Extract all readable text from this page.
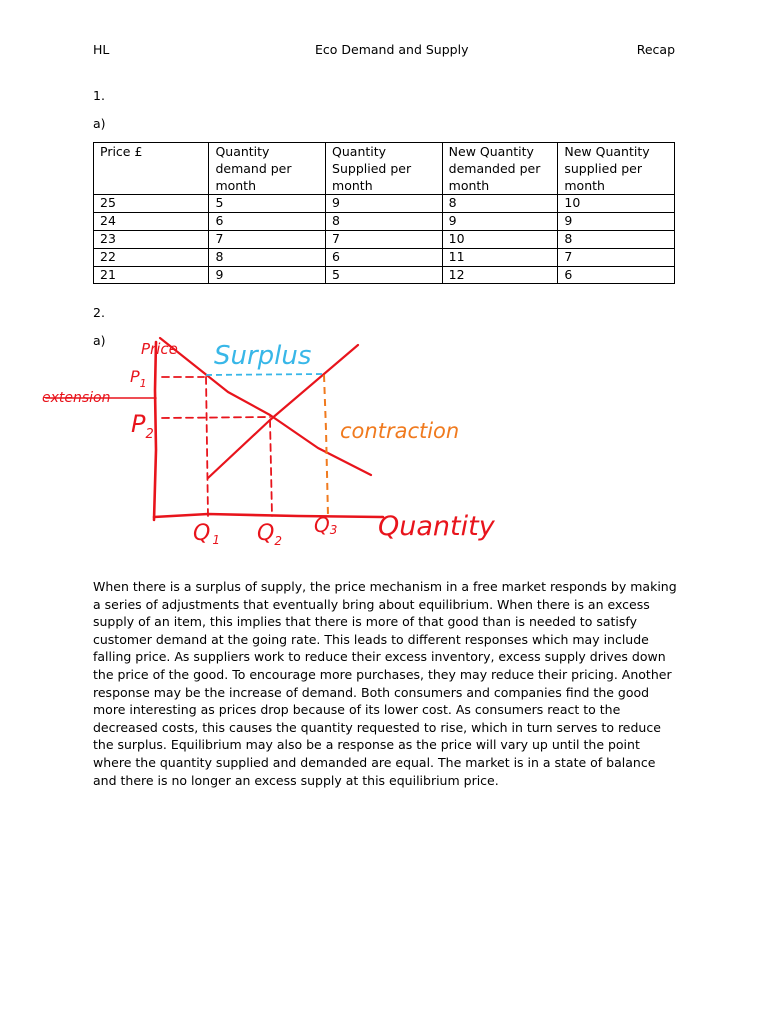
HL	Eco Demand and Supply	Recap
1.
a)
Price £	Quantity demand per month	Quantity Supplied per month	New Quantity demanded per month	New Quantity supplied per month
25	5	9	8	10
24	6	8	9	9
23	7	7	10	8
22	8	6	11	7
21	9	5	12	6
2.
a) Price
Quantity
extension
$P_1$
$P_2$
Q 1 $Q_2$
Q3
Surplus
contraction

When there is a surplus of supply, the price mechanism in a free market responds by making a series of adjustments that eventually bring about equilibrium. When there is an excess supply of an item, this implies that there is more of that good than is needed to satisfy customer demand at the going rate. This leads to different responses which may include falling price. As suppliers work to reduce their excess inventory, excess supply drives down the price of the good. To encourage more purchases, they may reduce their pricing. Another response may be the increase of demand. Both consumers and companies find the good more interesting as prices drop because of its lower cost. As consumers react to the decreased costs, this causes the quantity requested to rise, which in turn serves to reduce the surplus. Equilibrium may also be a response as the price will vary up until the point where the quantity supplied and demanded are equal. The market is in a state of balance and there is no longer an excess supply at this equilibrium price.
